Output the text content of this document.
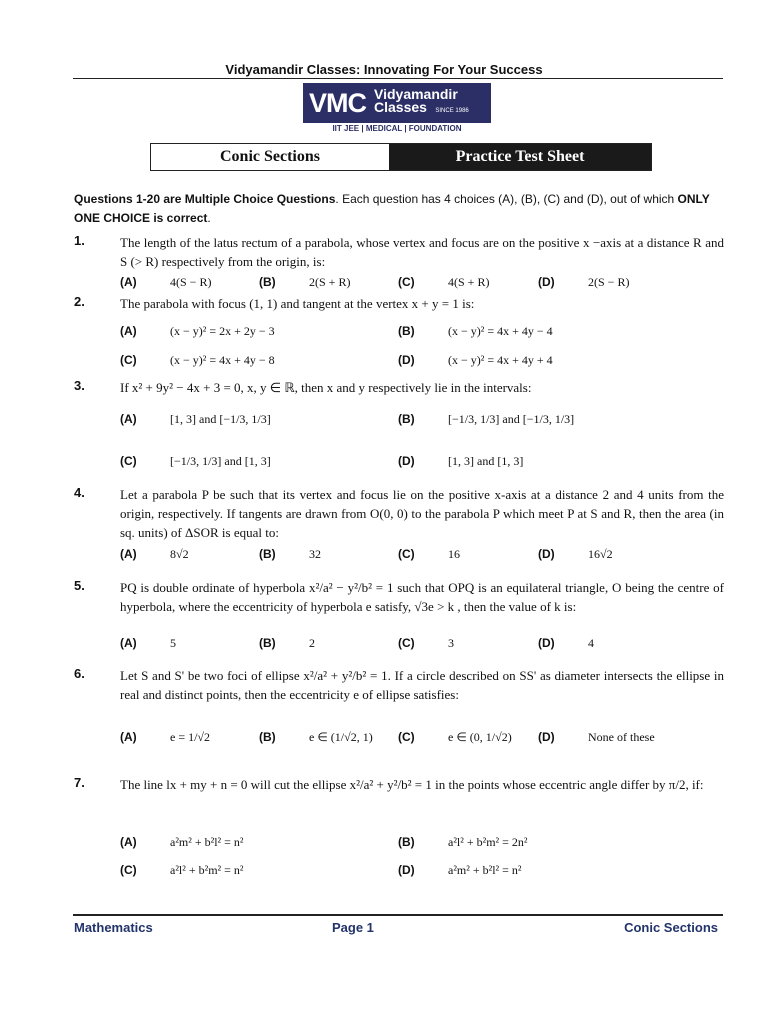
Vidyamandir Classes: Innovating For Your Success
VMC Vidyamandir Classes SINCE 1986
IIT JEE | MEDICAL | FOUNDATION
Conic Sections	Practice Test Sheet
Questions 1-20 are Multiple Choice Questions. Each question has 4 choices (A), (B), (C) and (D), out of which ONLY ONE CHOICE is correct.
1.	The length of the latus rectum of a parabola, whose vertex and focus are on the positive x −axis at a distance R and S (> R) respectively from the origin, is:
(A)	4(S − R)	(B)	2(S + R)	(C)	4(S + R)	(D)	2(S − R)
2.	The parabola with focus (1, 1) and tangent at the vertex x + y = 1 is:
(A)	(x − y)² = 2x + 2y − 3	(B)	(x − y)² = 4x + 4y − 4
(C)	(x − y)² = 4x + 4y − 8	(D)	(x − y)² = 4x + 4y + 4
3.	If x² + 9y² − 4x + 3 = 0, x, y ∈ ℝ, then x and y respectively lie in the intervals:
(A)	[1, 3] and [−1/3, 1/3]	(B)	[−1/3, 1/3] and [−1/3, 1/3]
(C)	[−1/3, 1/3] and [1, 3]	(D)	[1, 3] and [1, 3]
4.	Let a parabola P be such that its vertex and focus lie on the positive x-axis at a distance 2 and 4 units from the origin, respectively. If tangents are drawn from O(0, 0) to the parabola P which meet P at S and R, then the area (in sq. units) of ΔSOR is equal to:
(A)	8√2	(B)	32	(C)	16	(D)	16√2
5.	PQ is double ordinate of hyperbola x²/a² − y²/b² = 1 such that OPQ is an equilateral triangle, O being the centre of hyperbola, where the eccentricity of hyperbola e satisfy, √3e > k , then the value of k is:
(A)	5	(B)	2	(C)	3	(D)	4
6.	Let S and S' be two foci of ellipse x²/a² + y²/b² = 1. If a circle described on SS' as diameter intersects the ellipse in real and distinct points, then the eccentricity e of ellipse satisfies:
(A)	e = 1/√2	(B)	e ∈ (1/√2, 1) (C)	e ∈ (0, 1/√2) (D)	None of these
7.	The line lx + my + n = 0 will cut the ellipse x²/a² + y²/b² = 1 in the points whose eccentric angle differ by π/2, if:
(A)	a²m² + b²l² = n²	(B)	a²l² + b²m² = 2n²
(C)	a²l² + b²m² = n²	(D)	a²m² + b²l² = n²
Mathematics	Page 1	Conic Sections
